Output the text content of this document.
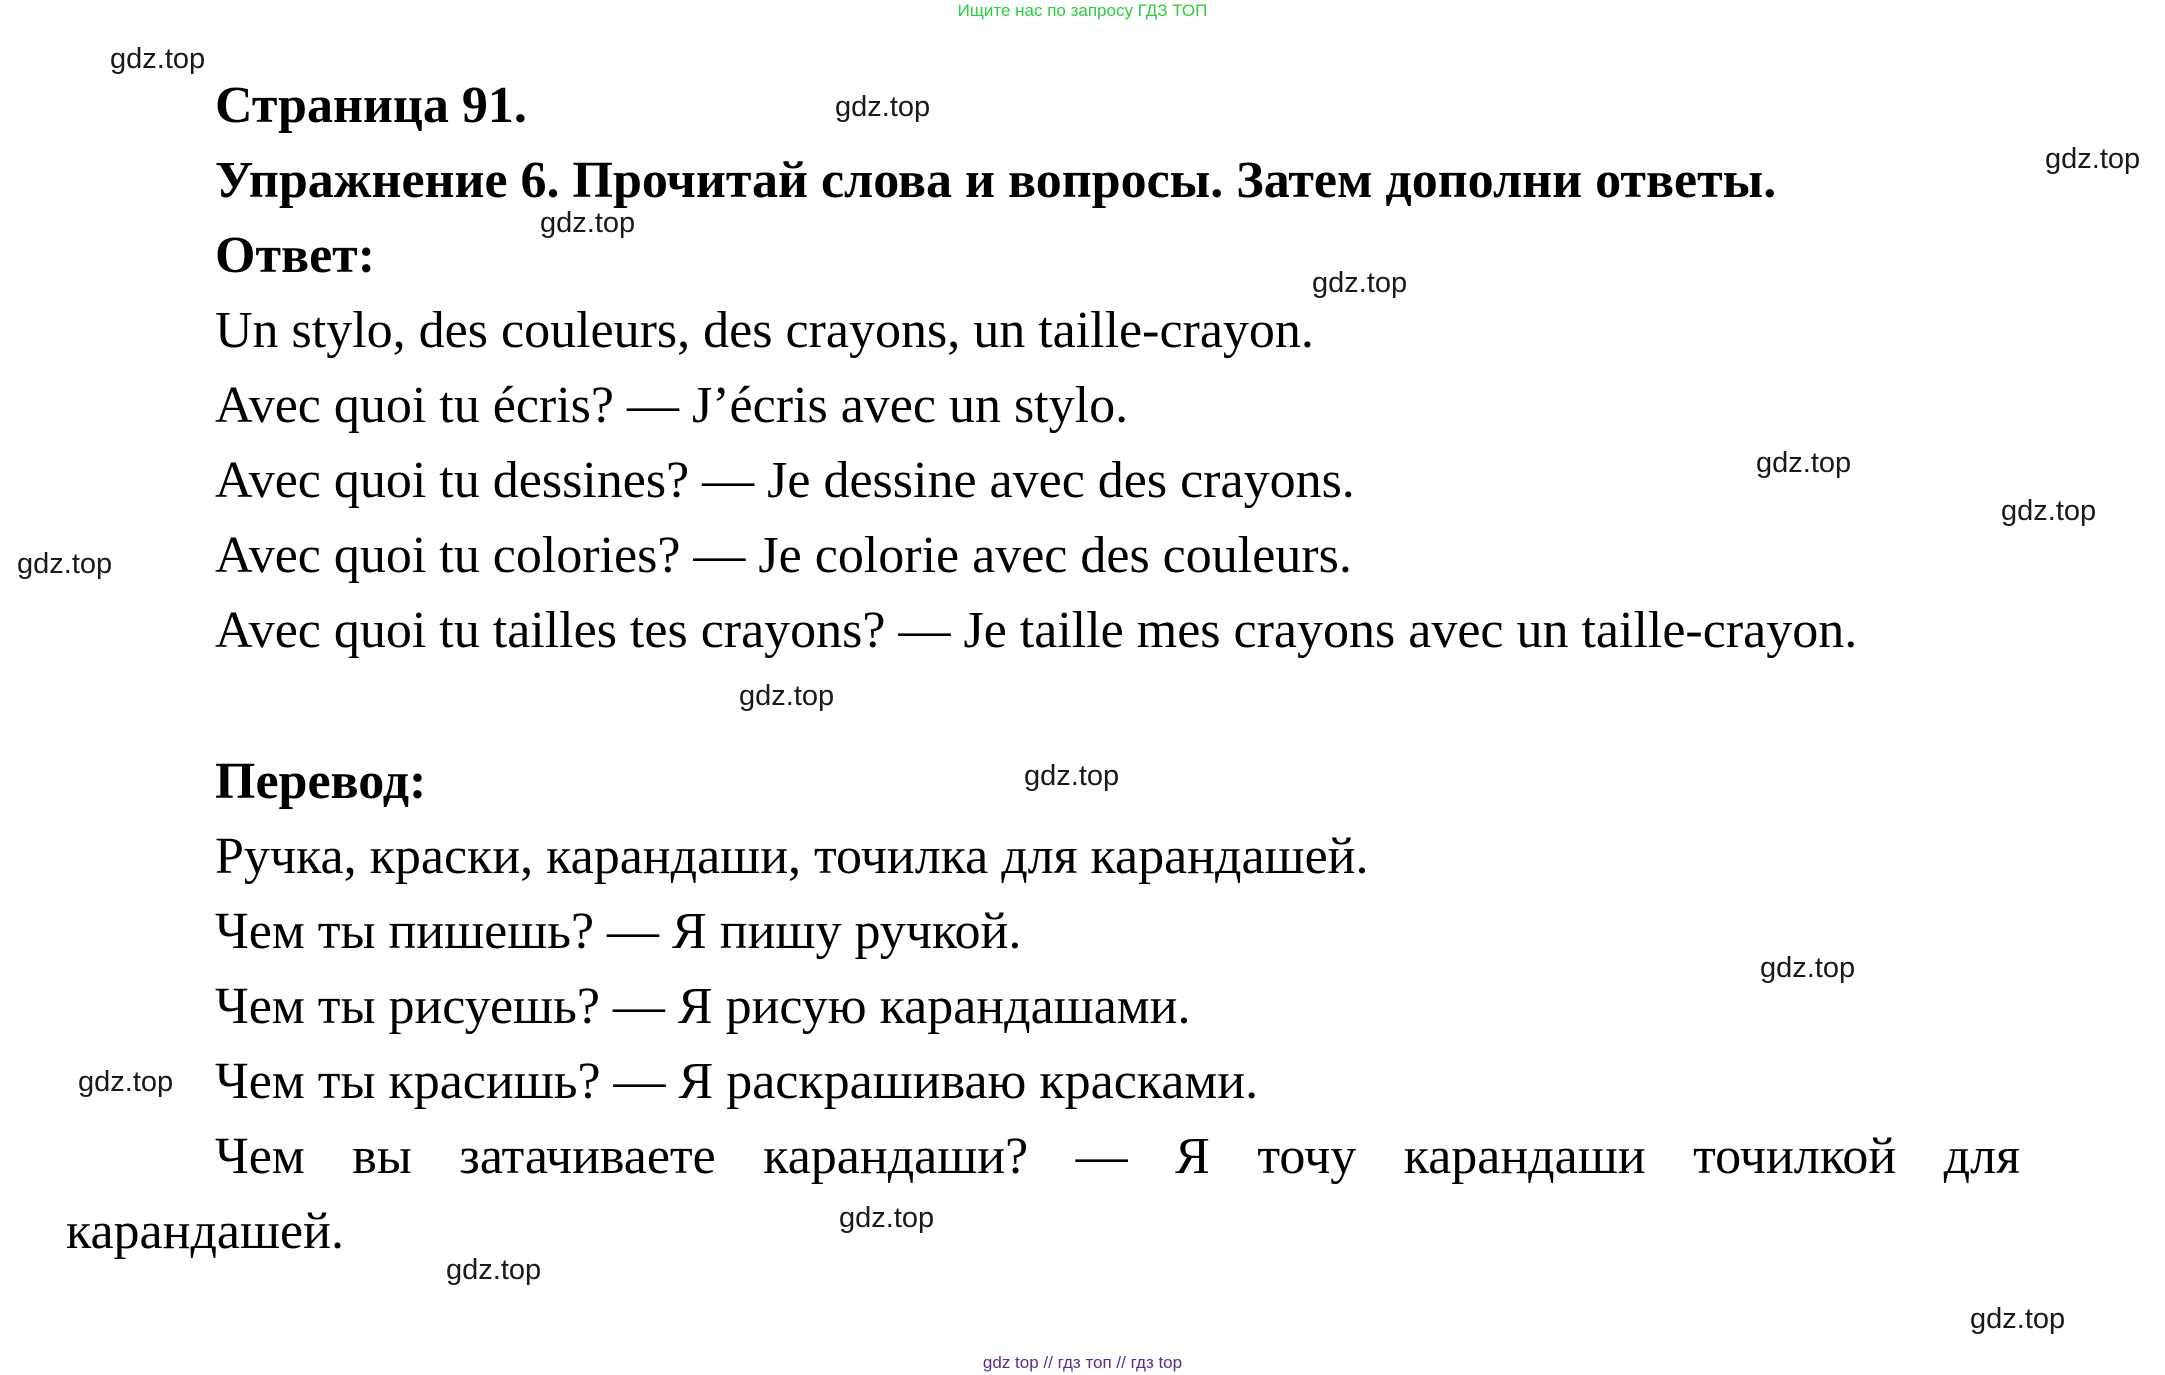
Ищите нас по запросу ГДЗ ТОП
Страница 91.
Упражнение 6. Прочитай слова и вопросы. Затем дополни ответы.
Ответ:
Un stylo, des couleurs, des crayons, un taille-crayon.
Avec quoi tu écris? — J’écris avec un stylo.
Avec quoi tu dessines? — Je dessine avec des crayons.
Avec quoi tu colories? — Je colorie avec des couleurs.
Avec quoi tu tailles tes crayons? — Je taille mes crayons avec un taille-crayon.
Перевод:
Ручка, краски, карандаши, точилка для карандашей.
Чем ты пишешь? — Я пишу ручкой.
Чем ты рисуешь? — Я рисую карандашами.
Чем ты красишь? — Я раскрашиваю красками.
Чем вы затачиваете карандаши? — Я точу карандаши точилкой для
карандашей.
gdz.top
gdz.top
gdz.top
gdz.top
gdz.top
gdz.top
gdz.top
gdz.top
gdz.top
gdz.top
gdz.top
gdz.top
gdz.top
gdz.top
gdz.top
gdz top // гдз топ // гдз top
